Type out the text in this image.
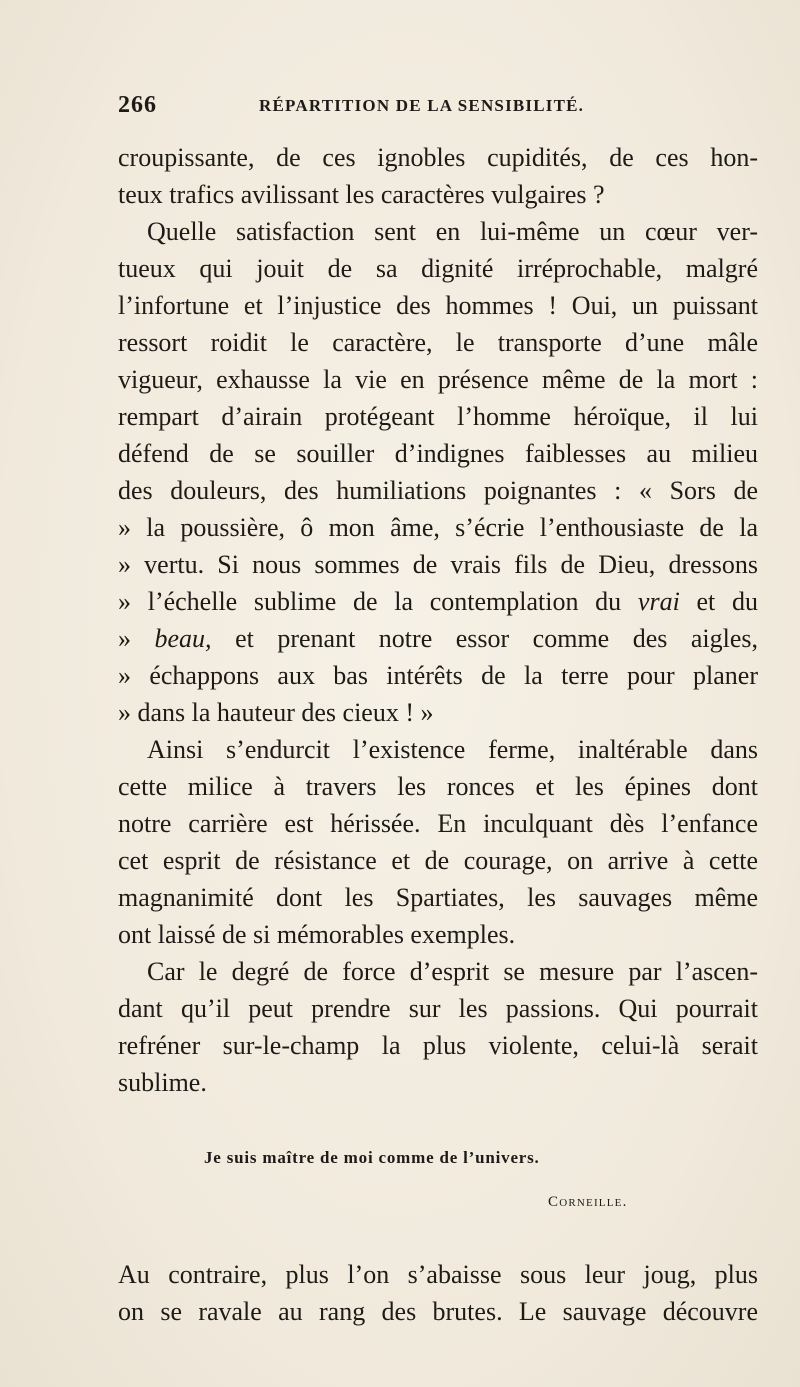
266	RÉPARTITION DE LA SENSIBILITÉ.
croupissante, de ces ignobles cupidités, de ces hon-
teux trafics avilissant les caractères vulgaires ?
Quelle satisfaction sent en lui-même un cœur ver-
tueux qui jouit de sa dignité irréprochable, malgré
l’infortune et l’injustice des hommes ! Oui, un puissant
ressort roidit le caractère, le transporte d’une mâle
vigueur, exhausse la vie en présence même de la mort :
rempart d’airain protégeant l’homme héroïque, il lui
défend de se souiller d’indignes faiblesses au milieu
des douleurs, des humiliations poignantes : « Sors de
» la poussière, ô mon âme, s’écrie l’enthousiaste de la
» vertu. Si nous sommes de vrais fils de Dieu, dressons
» l’échelle sublime de la contemplation du vrai et du
» beau, et prenant notre essor comme des aigles,
» échappons aux bas intérêts de la terre pour planer
» dans la hauteur des cieux ! »
Ainsi s’endurcit l’existence ferme, inaltérable dans
cette milice à travers les ronces et les épines dont
notre carrière est hérissée. En inculquant dès l’enfance
cet esprit de résistance et de courage, on arrive à cette
magnanimité dont les Spartiates, les sauvages même
ont laissé de si mémorables exemples.
Car le degré de force d’esprit se mesure par l’ascen-
dant qu’il peut prendre sur les passions. Qui pourrait
refréner sur-le-champ la plus violente, celui-là serait
sublime.
Je suis maître de moi comme de l’univers.
Corneille.
Au contraire, plus l’on s’abaisse sous leur joug, plus
on se ravale au rang des brutes. Le sauvage découvre
